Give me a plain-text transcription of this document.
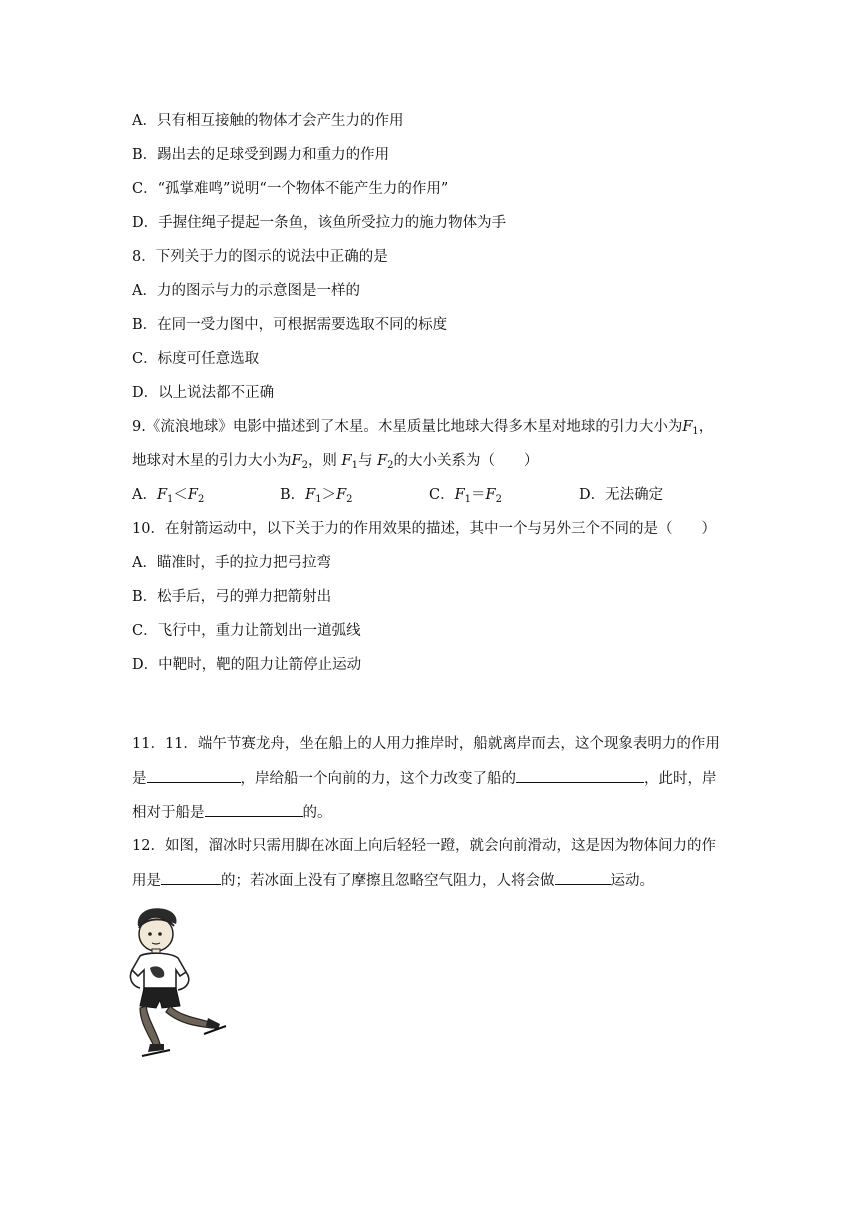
A．只有相互接触的物体才会产生力的作用
B．踢出去的足球受到踢力和重力的作用
C．“孤掌难鸣”说明“一个物体不能产生力的作用”
D．手握住绳子提起一条鱼，该鱼所受拉力的施力物体为手
8．下列关于力的图示的说法中正确的是
A．力的图示与力的示意图是一样的
B．在同一受力图中，可根据需要选取不同的标度
C．标度可任意选取
D．以上说法都不正确
9.《流浪地球》电影中描述到了木星。木星质量比地球大得多木星对地球的引力大小为$F_1$，
地球对木星的引力大小为$F_2$，则 $F_1$与 $F_2$的大小关系为（　　）
A．$F_1<F_2$	B．$F_1>F_2$	C．$F_1=F_2$	D．无法确定
10．在射箭运动中，以下关于力的作用效果的描述，其中一个与另外三个不同的是（　　）
A．瞄准时，手的拉力把弓拉弯
B．松手后，弓的弹力把箭射出
C．飞行中，重力让箭划出一道弧线
D．中靶时，靶的阻力让箭停止运动
11．11．端午节赛龙舟，坐在船上的人用力推岸时，船就离岸而去，这个现象表明力的作用
是	，岸给船一个向前的力，这个力改变了船的	，此时，岸
相对于船是	的。
12．如图，溜冰时只需用脚在冰面上向后轻轻一蹬，就会向前滑动，这是因为物体间力的作
用是	的；若冰面上没有了摩擦且忽略空气阻力，人将会做	运动。
